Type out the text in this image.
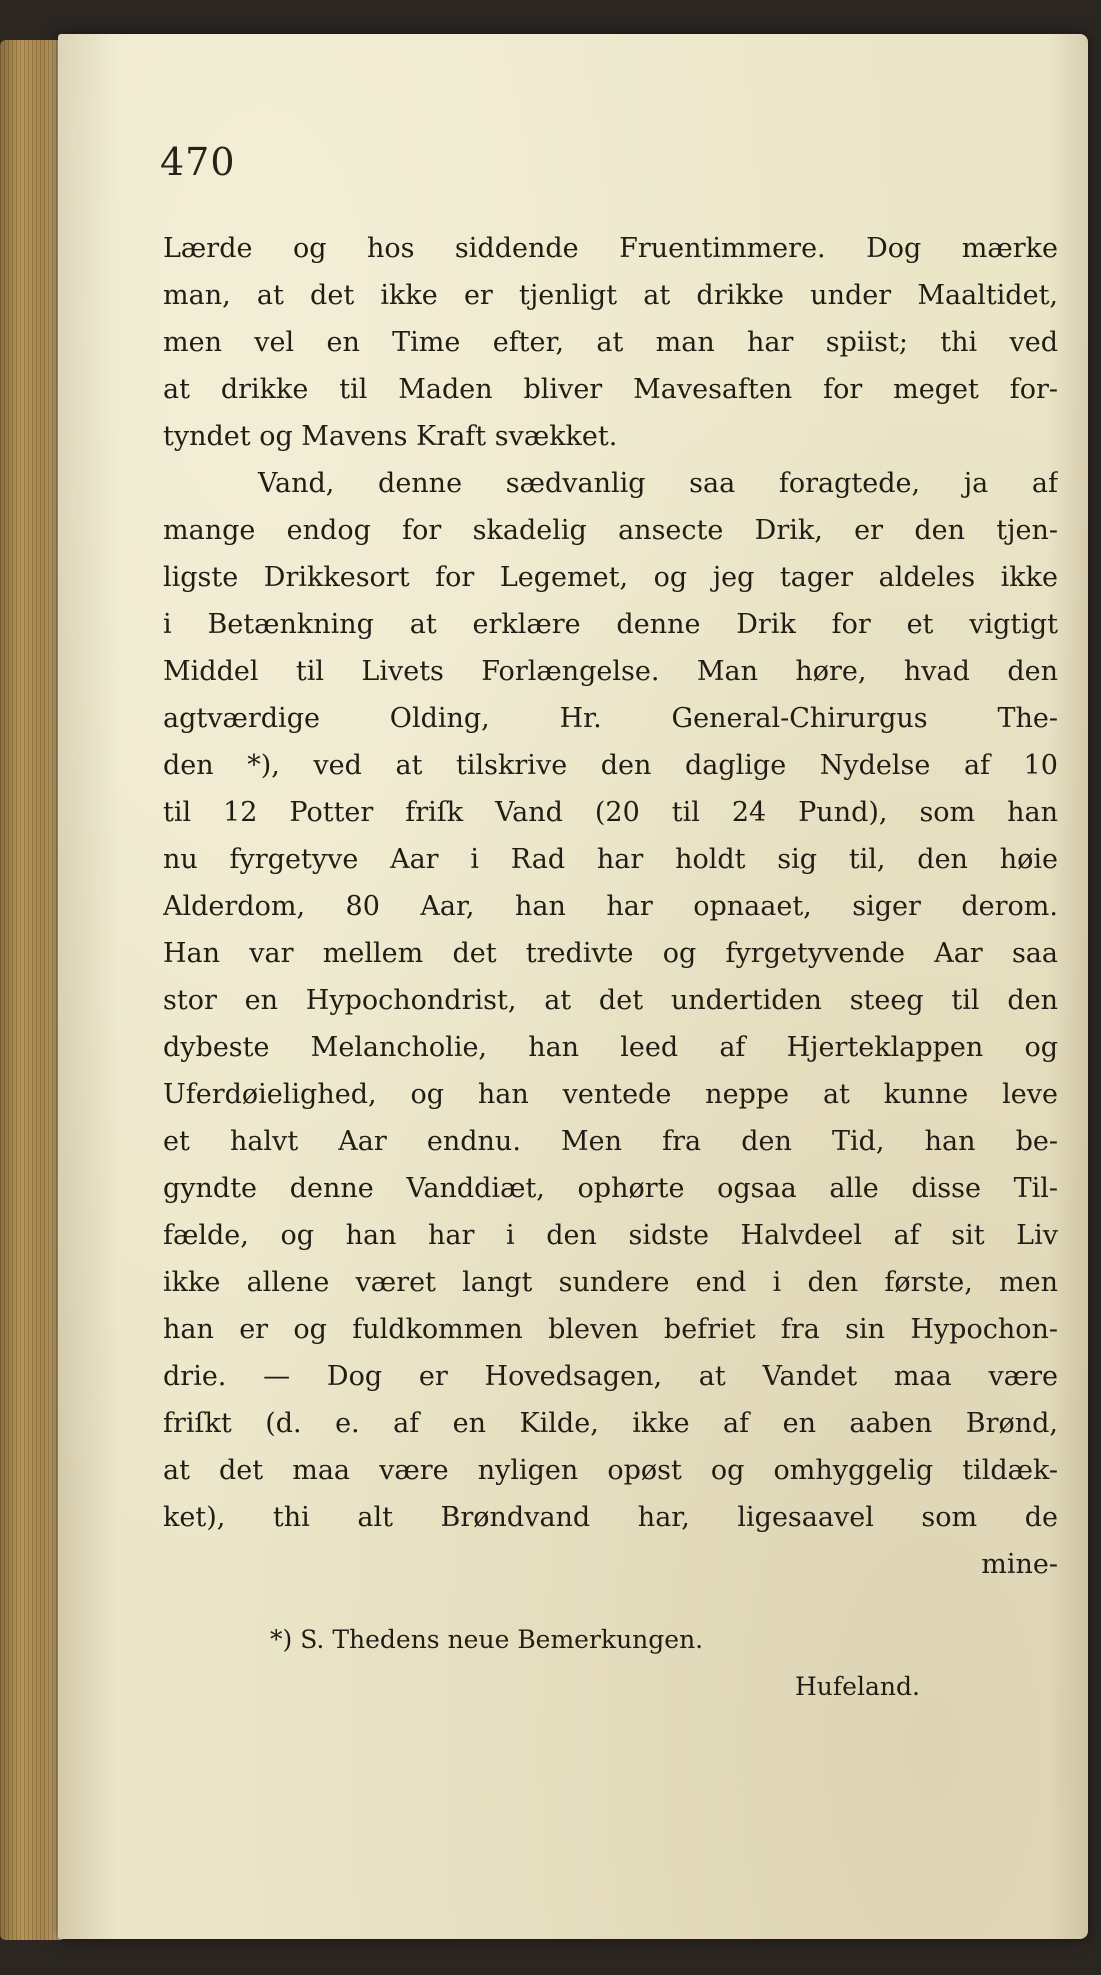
470
Lærde og hos siddende Fruentimmere. Dog mærke
man, at det ikke er tjenligt at drikke under Maaltidet,
men vel en Time efter, at man har spiist; thi ved
at drikke til Maden bliver Mavesaften for meget for-
tyndet og Mavens Kraft svækket.
Vand, denne sædvanlig saa foragtede, ja af
mange endog for skadelig ansecte Drik, er den tjen-
ligste Drikkesort for Legemet, og jeg tager aldeles ikke
i Betænkning at erklære denne Drik for et vigtigt
Middel til Livets Forlængelse. Man høre, hvad den
agtværdige Olding, Hr. General-Chirurgus The-
den *), ved at tilskrive den daglige Nydelse af 10
til 12 Potter friſk Vand (20 til 24 Pund), som han
nu fyrgetyve Aar i Rad har holdt sig til, den høie
Alderdom, 80 Aar, han har opnaaet, siger derom.
Han var mellem det tredivte og fyrgetyvende Aar saa
stor en Hypochondrist, at det undertiden steeg til den
dybeste Melancholie, han leed af Hjerteklappen og
Uferdøielighed, og han ventede neppe at kunne leve
et halvt Aar endnu. Men fra den Tid, han be-
gyndte denne Vanddiæt, ophørte ogsaa alle disse Til-
fælde, og han har i den sidste Halvdeel af sit Liv
ikke allene været langt sundere end i den første, men
han er og fuldkommen bleven befriet fra sin Hypochon-
drie. — Dog er Hovedsagen, at Vandet maa være
friſkt (d. e. af en Kilde, ikke af en aaben Brønd,
at det maa være nyligen opøst og omhyggelig tildæk-
ket), thi alt Brøndvand har, ligesaavel som de
mine-
*) S. Thedens neue Bemerkungen.
Hufeland.
